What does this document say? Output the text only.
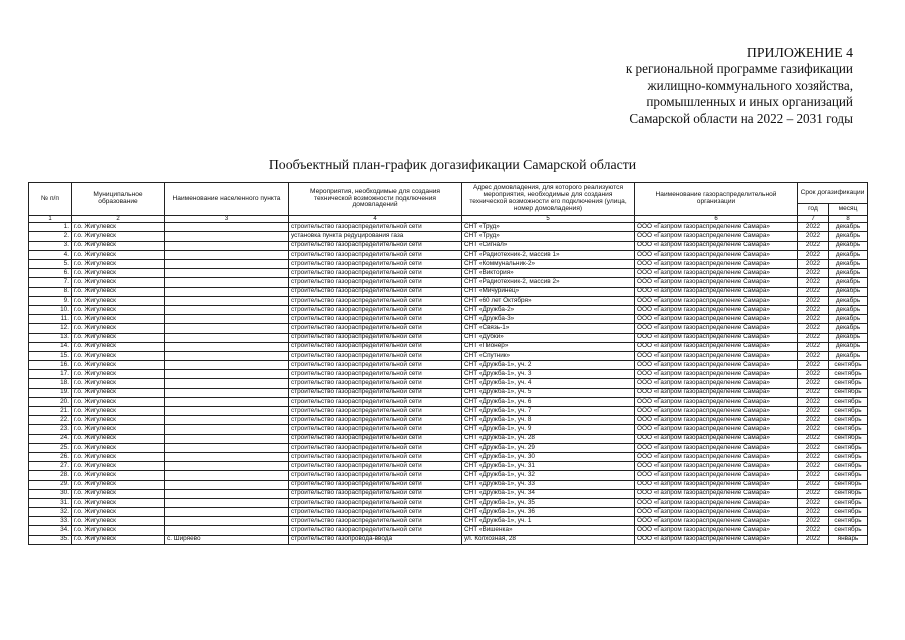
ПРИЛОЖЕНИЕ 4
к региональной программе газификации
жилищно-коммунального хозяйства,
промышленных и иных организаций
Самарской области на 2022 – 2031 годы
Пообъектный план-график догазификации Самарской области
№ п/п	Муниципальное образование	Наименование населенного пункта	Мероприятия, необходимые для создания технической возможности подключения домовладений	Адрес домовладения, для которого реализуются мероприятия, необходимые для создания технической возможности его подключения (улица, номер домовладения)	Наименование газораспределительной организации	Срок догазификации	
						год	месяц
1	2	3	4	5	6	7	8
1.	г.о. Жигулевск		строительство газораспределительной сети	СНТ «Труд»	ООО «Газпром газораспределение Самара»	2022	декабрь
2.	г.о. Жигулевск		установка пункта редуцирования газа	СНТ «Труд»	ООО «Газпром газораспределение Самара»	2022	декабрь
3.	г.о. Жигулевск		строительство газораспределительной сети	СНТ «Сигнал»	ООО «Газпром газораспределение Самара»	2022	декабрь
4.	г.о. Жигулевск		строительство газораспределительной сети	СНТ «Радиотехник-2, массив 1»	ООО «Газпром газораспределение Самара»	2022	декабрь
5.	г.о. Жигулевск		строительство газораспределительной сети	СНТ «Коммунальник-2»	ООО «Газпром газораспределение Самара»	2022	декабрь
6.	г.о. Жигулевск		строительство газораспределительной сети	СНТ «Виктория»	ООО «Газпром газораспределение Самара»	2022	декабрь
7.	г.о. Жигулевск		строительство газораспределительной сети	СНТ «Радиотехник-2, массив 2»	ООО «Газпром газораспределение Самара»	2022	декабрь
8.	г.о. Жигулевск		строительство газораспределительной сети	СНТ «Мичуринец»	ООО «Газпром газораспределение Самара»	2022	декабрь
9.	г.о. Жигулевск		строительство газораспределительной сети	СНТ «60 лет Октября»	ООО «Газпром газораспределение Самара»	2022	декабрь
10.	г.о. Жигулевск		строительство газораспределительной сети	СНТ «Дружба-2»	ООО «Газпром газораспределение Самара»	2022	декабрь
11.	г.о. Жигулевск		строительство газораспределительной сети	СНТ «Дружба-3»	ООО «Газпром газораспределение Самара»	2022	декабрь
12.	г.о. Жигулевск		строительство газораспределительной сети	СНТ «Связь-1»	ООО «Газпром газораспределение Самара»	2022	декабрь
13.	г.о. Жигулевск		строительство газораспределительной сети	СНТ «Дубки»	ООО «Газпром газораспределение Самара»	2022	декабрь
14.	г.о. Жигулевск		строительство газораспределительной сети	СНТ «Пионер»	ООО «Газпром газораспределение Самара»	2022	декабрь
15.	г.о. Жигулевск		строительство газораспределительной сети	СНТ «Спутник»	ООО «Газпром газораспределение Самара»	2022	декабрь
16.	г.о. Жигулевск		строительство газораспределительной сети	СНТ «Дружба-1», уч. 2	ООО «Газпром газораспределение Самара»	2022	сентябрь
17.	г.о. Жигулевск		строительство газораспределительной сети	СНТ «Дружба-1», уч. 3	ООО «Газпром газораспределение Самара»	2022	сентябрь
18.	г.о. Жигулевск		строительство газораспределительной сети	СНТ «Дружба-1», уч. 4	ООО «Газпром газораспределение Самара»	2022	сентябрь
19.	г.о. Жигулевск		строительство газораспределительной сети	СНТ «Дружба-1», уч. 5	ООО «Газпром газораспределение Самара»	2022	сентябрь
20.	г.о. Жигулевск		строительство газораспределительной сети	СНТ «Дружба-1», уч. 6	ООО «Газпром газораспределение Самара»	2022	сентябрь
21.	г.о. Жигулевск		строительство газораспределительной сети	СНТ «Дружба-1», уч. 7	ООО «Газпром газораспределение Самара»	2022	сентябрь
22.	г.о. Жигулевск		строительство газораспределительной сети	СНТ «Дружба-1», уч. 8	ООО «Газпром газораспределение Самара»	2022	сентябрь
23.	г.о. Жигулевск		строительство газораспределительной сети	СНТ «Дружба-1», уч. 9	ООО «Газпром газораспределение Самара»	2022	сентябрь
24.	г.о. Жигулевск		строительство газораспределительной сети	СНТ «Дружба-1», уч. 28	ООО «Газпром газораспределение Самара»	2022	сентябрь
25.	г.о. Жигулевск		строительство газораспределительной сети	СНТ «Дружба-1», уч. 29	ООО «Газпром газораспределение Самара»	2022	сентябрь
26.	г.о. Жигулевск		строительство газораспределительной сети	СНТ «Дружба-1», уч. 30	ООО «Газпром газораспределение Самара»	2022	сентябрь
27.	г.о. Жигулевск		строительство газораспределительной сети	СНТ «Дружба-1», уч. 31	ООО «Газпром газораспределение Самара»	2022	сентябрь
28.	г.о. Жигулевск		строительство газораспределительной сети	СНТ «Дружба-1», уч. 32	ООО «Газпром газораспределение Самара»	2022	сентябрь
29.	г.о. Жигулевск		строительство газораспределительной сети	СНТ «Дружба-1», уч. 33	ООО «Газпром газораспределение Самара»	2022	сентябрь
30.	г.о. Жигулевск		строительство газораспределительной сети	СНТ «Дружба-1», уч. 34	ООО «Газпром газораспределение Самара»	2022	сентябрь
31.	г.о. Жигулевск		строительство газораспределительной сети	СНТ «Дружба-1», уч. 35	ООО «Газпром газораспределение Самара»	2022	сентябрь
32.	г.о. Жигулевск		строительство газораспределительной сети	СНТ «Дружба-1», уч. 36	ООО «Газпром газораспределение Самара»	2022	сентябрь
33.	г.о. Жигулевск		строительство газораспределительной сети	СНТ «Дружба-1», уч. 1	ООО «Газпром газораспределение Самара»	2022	сентябрь
34.	г.о. Жигулевск		строительство газораспределительной сети	СНТ «Вишенка»	ООО «Газпром газораспределение Самара»	2022	сентябрь
35.	г.о. Жигулевск	с. Ширяево	строительство газопровода-ввода	ул. Колхозная, 28	ООО «Газпром газораспределение Самара»	2022	январь
